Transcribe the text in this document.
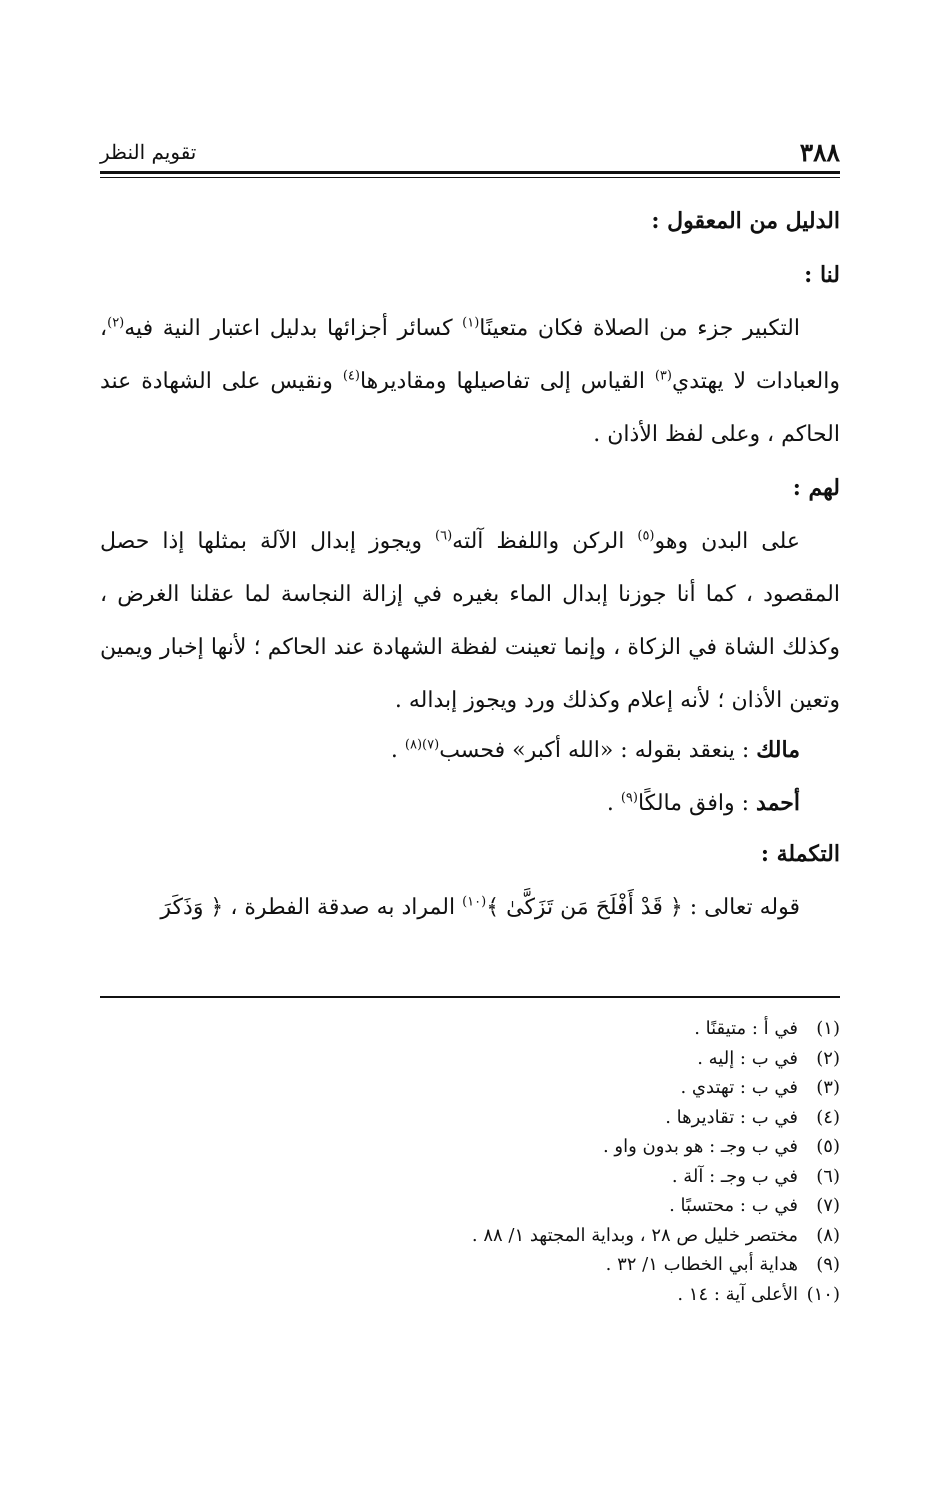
٣٨٨
تقويم النظر

الدليل من المعقول :

لنا :

التكبير جزء من الصلاة فكان متعينًا$^{(١)}$ كسائر أجزائها بدليل اعتبار النية فيه$^{(٢)}$، والعبادات لا يهتدي$^{(٣)}$ القياس إلى تفاصيلها ومقاديرها$^{(٤)}$ ونقيس على الشهادة عند الحاكم ، وعلى لفظ الأذان .

لهم :

على البدن وهو$^{(٥)}$ الركن واللفظ آلته$^{(٦)}$ ويجوز إبدال الآلة بمثلها إذا حصل المقصود ، كما أنا جوزنا إبدال الماء بغيره في إزالة النجاسة لما عقلنا الغرض ، وكذلك الشاة في الزكاة ، وإنما تعينت لفظة الشهادة عند الحاكم ؛ لأنها إخبار ويمين وتعين الأذان ؛ لأنه إعلام وكذلك ورد ويجوز إبداله .

مالك : ينعقد بقوله : «الله أكبر» فحسب$^{(٧)(٨)}$ .

أحمد : وافق مالكًا$^{(٩)}$ .

التكملة :

قوله تعالى : ﴿ قَدْ أَفْلَحَ مَن تَزَكَّىٰ ﴾$^{(١٠)}$ المراد به صدقة الفطرة ، ﴿ وَذَكَرَ

(١)في أ : متيقنًا .

(٢)في ب : إليه .

(٣)في ب : تهتدي .

(٤)في ب : تقاديرها .

(٥)في ب وجـ : هو بدون واو .

(٦)في ب وجـ : آلة .

(٧)في ب : محتسبًا .

(٨)مختصر خليل ص ٢٨ ، وبداية المجتهد ١/ ٨٨ .

(٩)هداية أبي الخطاب ١/ ٣٢ .

(١٠)الأعلى آية : ١٤ .
